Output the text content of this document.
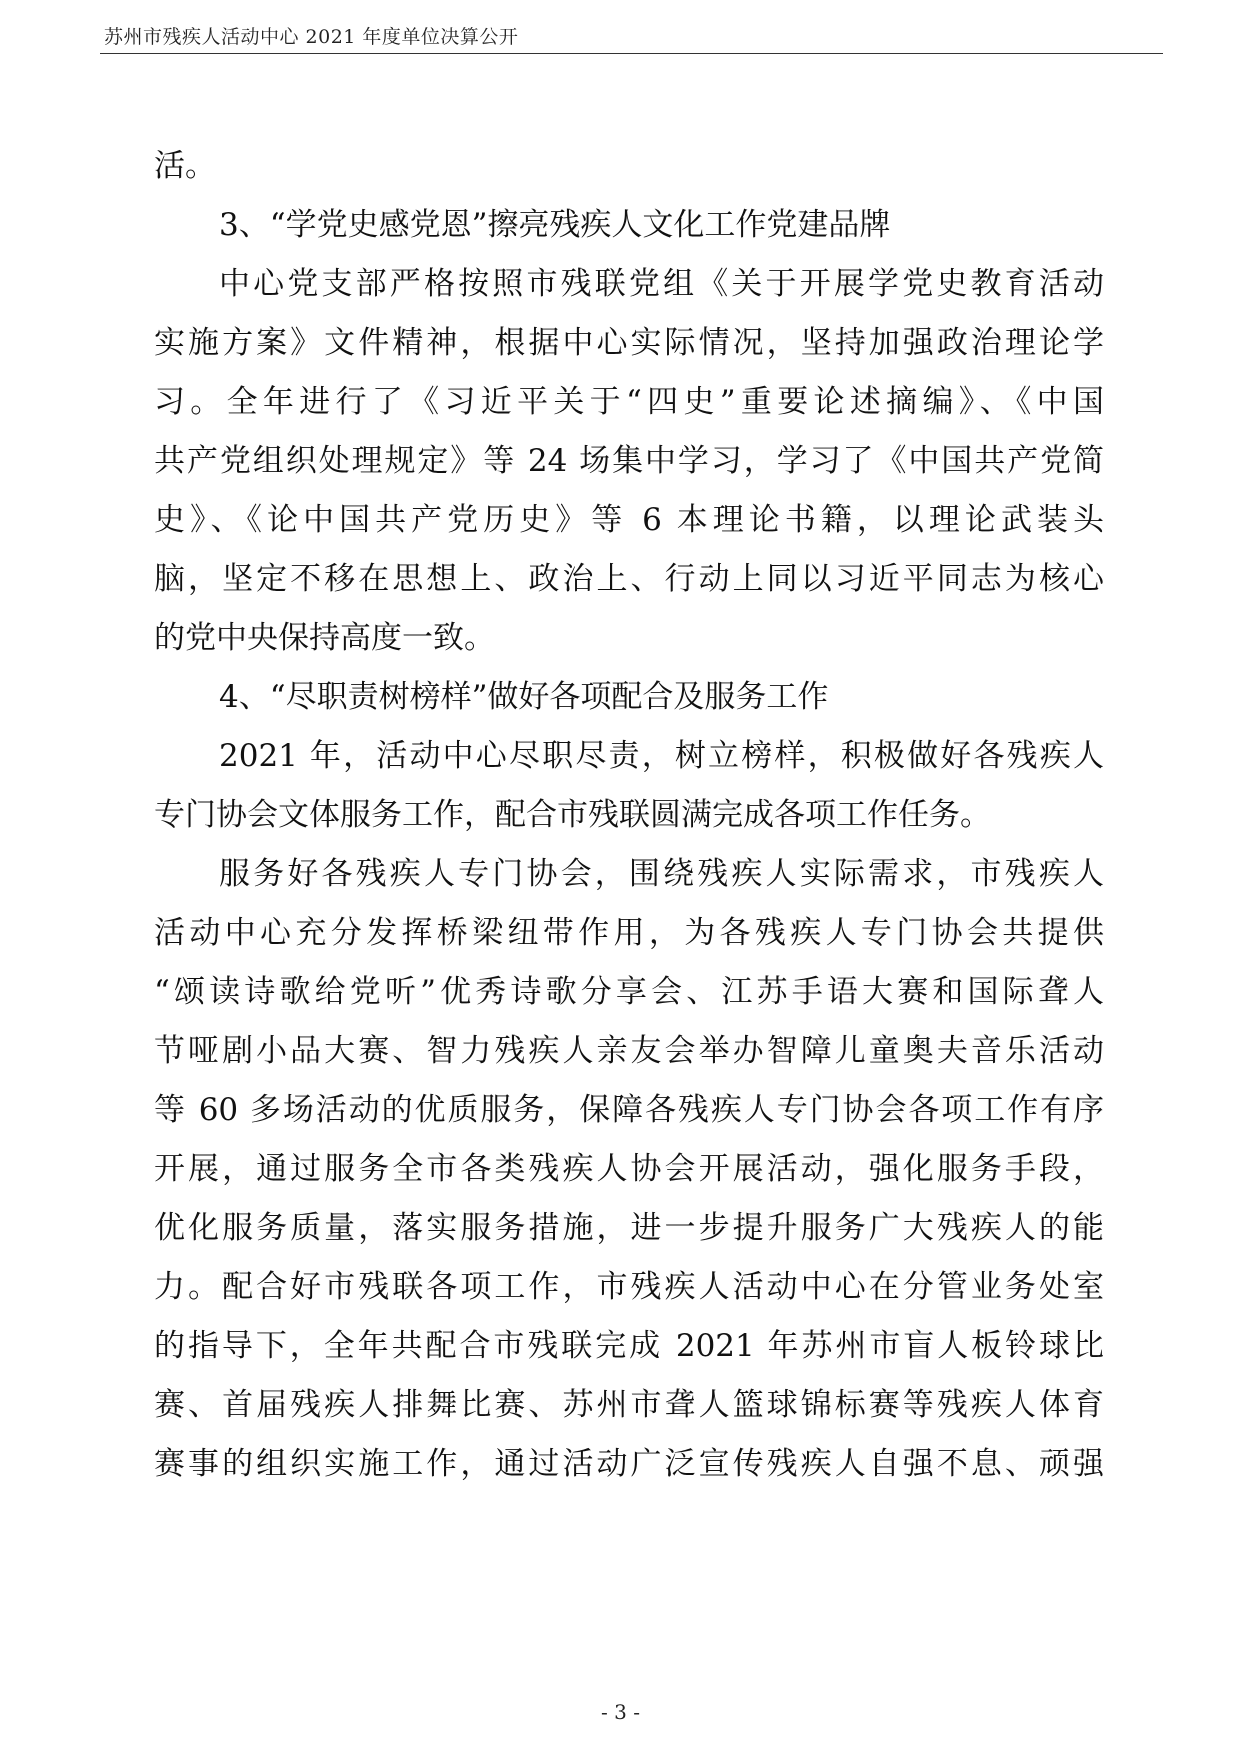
苏州市残疾人活动中心 2021 年度单位决算公开
活。
3、“学党史感党恩”擦亮残疾人文化工作党建品牌
中心党支部严格按照市残联党组《关于开展学党史教育活动
实施方案》文件精神，根据中心实际情况，坚持加强政治理论学
习。全年进行了《习近平关于“四史”重要论述摘编》、《中国
共产党组织处理规定》等 24 场集中学习，学习了《中国共产党简
史》、《论中国共产党历史》等 6 本理论书籍，以理论武装头
脑，坚定不移在思想上、政治上、行动上同以习近平同志为核心
的党中央保持高度一致。
4、“尽职责树榜样”做好各项配合及服务工作
2021 年，活动中心尽职尽责，树立榜样，积极做好各残疾人
专门协会文体服务工作，配合市残联圆满完成各项工作任务。
服务好各残疾人专门协会，围绕残疾人实际需求，市残疾人
活动中心充分发挥桥梁纽带作用，为各残疾人专门协会共提供
“颂读诗歌给党听”优秀诗歌分享会、江苏手语大赛和国际聋人
节哑剧小品大赛、智力残疾人亲友会举办智障儿童奥夫音乐活动
等 60 多场活动的优质服务，保障各残疾人专门协会各项工作有序
开展，通过服务全市各类残疾人协会开展活动，强化服务手段，
优化服务质量，落实服务措施，进一步提升服务广大残疾人的能
力。配合好市残联各项工作，市残疾人活动中心在分管业务处室
的指导下，全年共配合市残联完成 2021 年苏州市盲人板铃球比
赛、首届残疾人排舞比赛、苏州市聋人篮球锦标赛等残疾人体育
赛事的组织实施工作，通过活动广泛宣传残疾人自强不息、顽强
- 3 -
